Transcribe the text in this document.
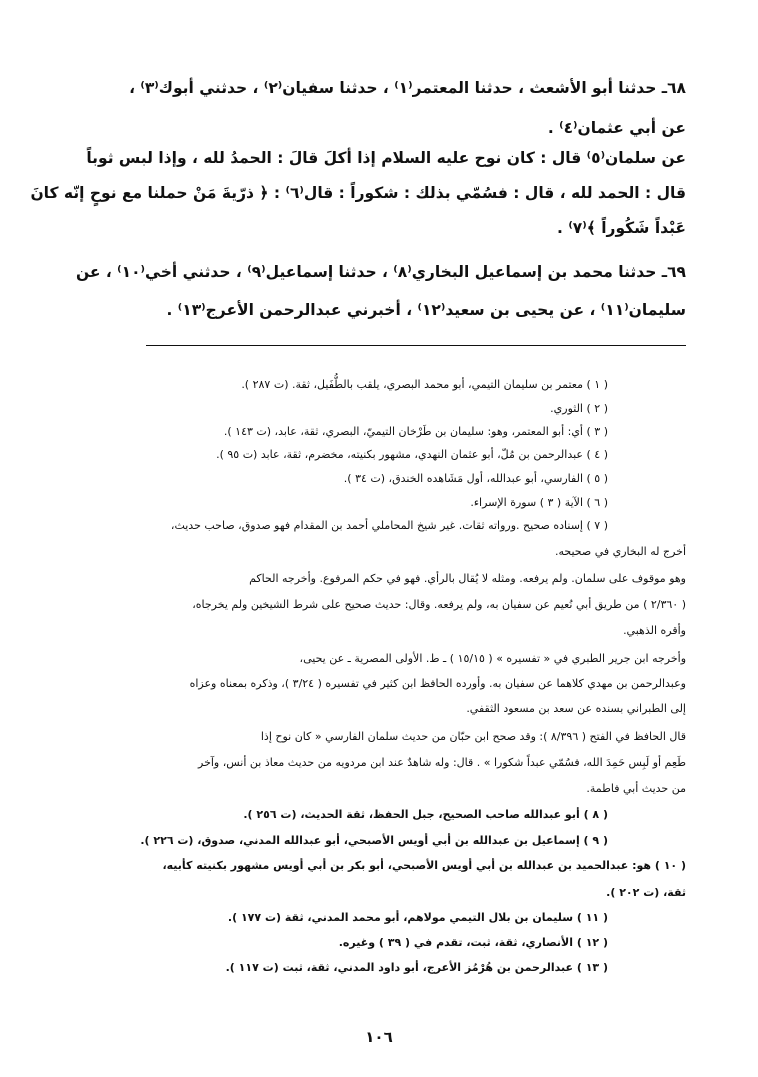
٦٨ـ حدثنا أبو الأشعث ، حدثنا المعتمر⁽١⁾ ، حدثنا سفيان⁽٢⁾ ، حدثني أبوك⁽٣⁾ ،
عن أبي عثمان⁽٤⁾ .
عن سلمان⁽٥⁾ قال : كان نوح عليه السلام إذا أكلَ قالَ : الحمدُ لله ، وإذا لبس ثوباً
قال : الحمد لله ، قال : فسُمّي بذلك : شكوراً : قال⁽٦⁾ : ﴿ ذرّيةَ مَنْ حملنا مع نوحٍ إنّه كانَ
عَبْداً شَكُوراً ﴾⁽٧⁾ .
٦٩ـ حدثنا محمد بن إسماعيل البخاري⁽٨⁾ ، حدثنا إسماعيل⁽٩⁾ ، حدثني أخي⁽١٠⁾ ، عن
سليمان⁽١١⁾ ، عن يحيى بن سعيد⁽١٢⁾ ، أخبرني عبدالرحمن الأعرج⁽١٣⁾ .
( ١ ) معتمر بن سليمان التيمي، أبو محمد البصري، يلقب بالطُّفَيل، ثقة. (ت ٢٨٧ ).
( ٢ ) الثوري.
( ٣ ) أي: أبو المعتمر، وهو: سليمان بن طَرْخان التيميّ، البصري، ثقة، عابد، (ت ١٤٣ ).
( ٤ ) عبدالرحمن بن مُلّ، أبو عثمان النهدي، مشهور بكنيته، مخضرم، ثقة، عابد (ت ٩٥ ).
( ٥ ) الفارسي، أبو عبدالله، أول مَشَاهده الخندق، (ت ٣٤ ).
( ٦ ) الآية ( ٣ ) سورة الإسراء.
( ٧ ) إسناده صحيح .ورواته ثقات. غير شيخ المحاملي أحمد بن المقدام فهو صدوق، صاحب حديث،
أخرج له البخاري في صحيحه.
وهو موقوف على سلمان. ولم يرفعه. ومثله لا يُقال بالرأي. فهو في حكم المرفوع. وأخرجه الحاكم
( ٢/٣٦٠ ) من طريق أبي نُعيم عن سفيان به، ولم يرفعه. وقال: حديث صحيح على شرط الشيخين ولم يخرجاه،
وأقره الذهبي.
وأخرجه ابن جرير الطبري في « تفسيره » ( ١٥/١٥ ) ـ ط. الأولى المصرية ـ عن يحيى،
وعبدالرحمن بن مهدي كلاهما عن سفيان به. وأورده الحافظ ابن كثير في تفسيره ( ٣/٢٤ )، وذكره بمعناه وعزاه
إلى الطبراني بسنده عن سعد بن مسعود الثقفي.
قال الحافظ في الفتح ( ٨/٣٩٦ ): وقد صحح ابن حبّان من حديث سلمان الفارسي « كان نوح إذا
طَعِم أو لَبِس حَمِدَ الله، فسُمّي عبداً شكورا » . قال: وله شاهدٌ عند ابن مردويه من حديث معاذ بن أنس، وآخر
من حديث أبي فاطمة.
( ٨ ) أبو عبدالله صاحب الصحيح، جبل الحفظ، ثقة الحديث، (ت ٢٥٦ ).
( ٩ ) إسماعيل بن عبدالله بن أبي أويس الأصبحي، أبو عبدالله المدني، صدوق، (ت ٢٢٦ ).
( ١٠ ) هو: عبدالحميد بن عبدالله بن أبي أويس الأصبحي، أبو بكر بن أبي أويس مشهور بكنيته كأبيه،
ثقة، (ت ٢٠٢ ).
( ١١ ) سليمان بن بلال التيمي مولاهم، أبو محمد المدني، ثقة (ت ١٧٧ ).
( ١٢ ) الأنصاري، ثقة، ثبت، تقدم في ( ٣٩ ) وغيره.
( ١٣ ) عبدالرحمن بن هُرْمُز الأعرج، أبو داود المدني، ثقة، ثبت (ت ١١٧ ).
١٠٦
